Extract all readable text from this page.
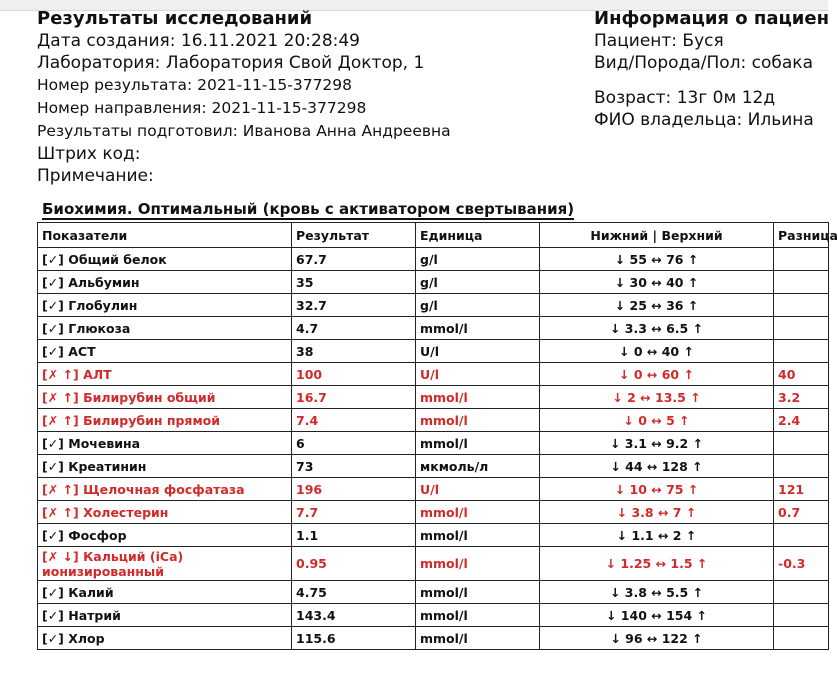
Результаты исследований
Дата создания: 16.11.2021 20:28:49
Лаборатория: Лаборатория Свой Доктор, 1
Номер результата: 2021-11-15-377298
Номер направления: 2021-11-15-377298
Результаты подготовил: Иванова Анна Андреевна
Штрих код:
Примечание:
Информация о пациен
Пациент: Буся
Вид/Порода/Пол: собака
Возраст: 13г 0м 12д
ФИО владельца: Ильина
Биохимия. Оптимальный (кровь с активатором свертывания)
Показатели	Результат	Единица	Нижний | Верхний	Разница
[✓] Общий белок	67.7	g/l	↓ 55 ↔ 76 ↑	
[✓] Альбумин	35	g/l	↓ 30 ↔ 40 ↑	
[✓] Глобулин	32.7	g/l	↓ 25 ↔ 36 ↑	
[✓] Глюкоза	4.7	mmol/l	↓ 3.3 ↔ 6.5 ↑	
[✓] АСТ	38	U/l	↓ 0 ↔ 40 ↑	
[✗ ↑] АЛТ	100	U/l	↓ 0 ↔ 60 ↑	40
[✗ ↑] Билирубин общий	16.7	mmol/l	↓ 2 ↔ 13.5 ↑	3.2
[✗ ↑] Билирубин прямой	7.4	mmol/l	↓ 0 ↔ 5 ↑	2.4
[✓] Мочевина	6	mmol/l	↓ 3.1 ↔ 9.2 ↑	
[✓] Креатинин	73	мкмоль/л	↓ 44 ↔ 128 ↑	
[✗ ↑] Щелочная фосфатаза	196	U/l	↓ 10 ↔ 75 ↑	121
[✗ ↑] Холестерин	7.7	mmol/l	↓ 3.8 ↔ 7 ↑	0.7
[✓] Фосфор	1.1	mmol/l	↓ 1.1 ↔ 2 ↑	
[✗ ↓] Кальций (iCa) ионизированный	0.95	mmol/l	↓ 1.25 ↔ 1.5 ↑	-0.3
[✓] Калий	4.75	mmol/l	↓ 3.8 ↔ 5.5 ↑	
[✓] Натрий	143.4	mmol/l	↓ 140 ↔ 154 ↑	
[✓] Хлор	115.6	mmol/l	↓ 96 ↔ 122 ↑	
